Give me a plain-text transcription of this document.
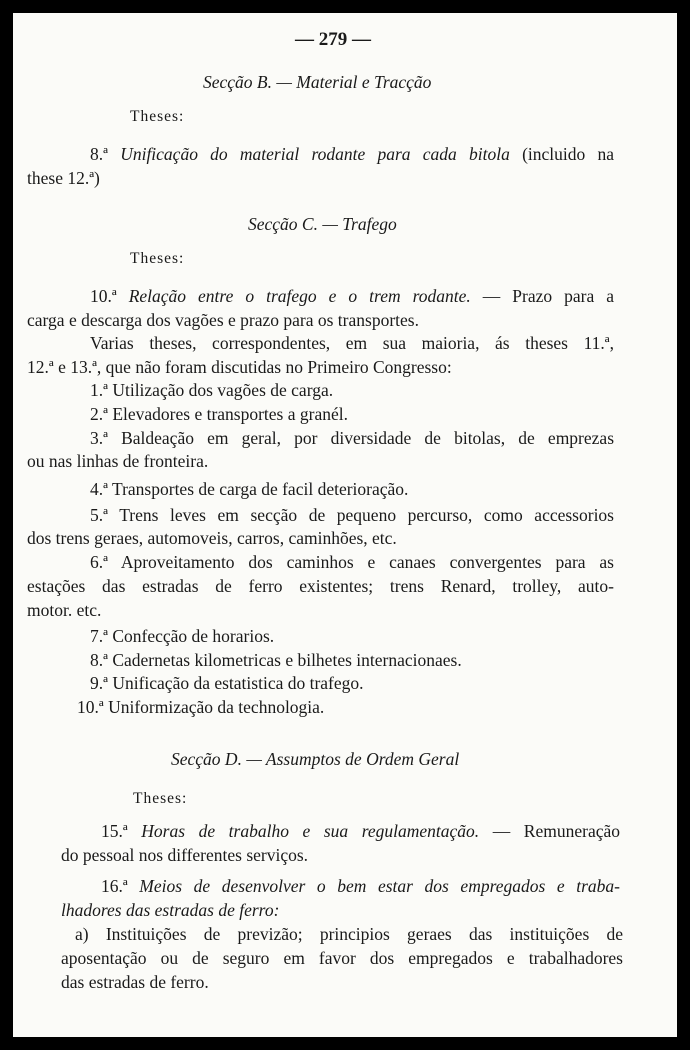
— 279 —
Secção B. — Material e Tracção
Theses:
8.ª Unificação do material rodante para cada bitola (incluido na
these 12.ª)
Secção C. — Trafego
Theses:
10.ª Relação entre o trafego e o trem rodante. — Prazo para a
carga e descarga dos vagões e prazo para os transportes.
Varias theses, correspondentes, em sua maioria, ás theses 11.ª,
12.ª e 13.ª, que não foram discutidas no Primeiro Congresso:
1.ª Utilização dos vagões de carga.
2.ª Elevadores e transportes a granél.
3.ª Baldeação em geral, por diversidade de bitolas, de emprezas
ou nas linhas de fronteira.
4.ª Transportes de carga de facil deterioração.
5.ª Trens leves em secção de pequeno percurso, como accessorios
dos trens geraes, automoveis, carros, caminhões, etc.
6.ª Aproveitamento dos caminhos e canaes convergentes para as
estações das estradas de ferro existentes; trens Renard, trolley, auto-
motor. etc.
7.ª Confecção de horarios.
8.ª Cadernetas kilometricas e bilhetes internacionaes.
9.ª Unificação da estatistica do trafego.
10.ª Uniformização da technologia.
Secção D. — Assumptos de Ordem Geral
Theses:
15.ª Horas de trabalho e sua regulamentação. — Remuneração
do pessoal nos differentes serviços.
16.ª Meios de desenvolver o bem estar dos empregados e traba-
lhadores das estradas de ferro:
a) Instituições de previzão; principios geraes das instituições de
aposentação ou de seguro em favor dos empregados e trabalhadores
das estradas de ferro.
